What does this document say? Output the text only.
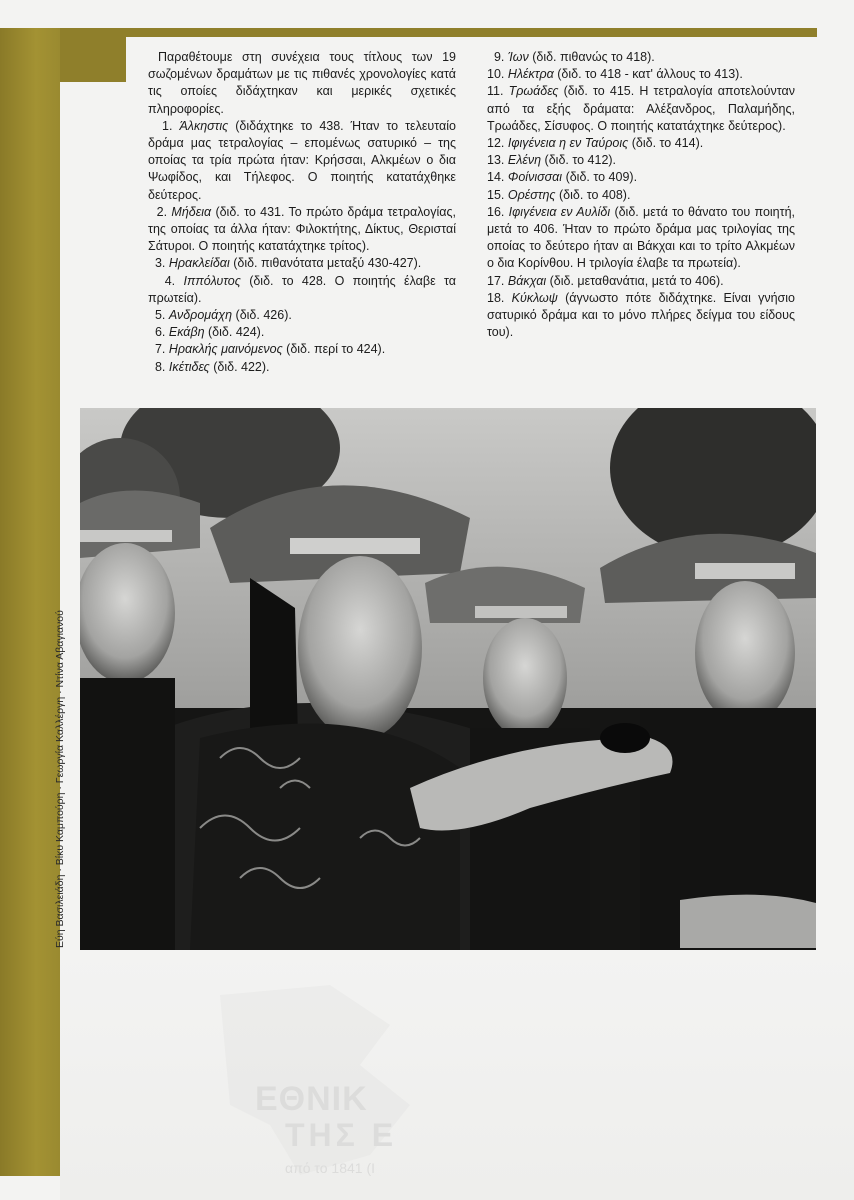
Παραθέτουμε στη συνέχεια τους τίτλους των 19 σωζομένων δραμάτων με τις πιθανές χρονολογίες κατά τις οποίες διδάχτηκαν και μερικές σχετικές πληροφορίες.

1. Άλκηστις (διδάχτηκε το 438. Ήταν το τελευταίο δράμα μας τετραλογίας – επομένως σατυρικό – της οποίας τα τρία πρώτα ήταν: Κρήσσαι, Αλκμέων ο δια Ψωφίδος, και Τήλεφος. Ο ποιητής κατατάχθηκε δεύτερος.

2. Μήδεια (διδ. το 431. Το πρώτο δράμα τετραλογίας, της οποίας τα άλλα ήταν: Φιλοκτήτης, Δίκτυς, Θερισταί Σάτυροι. Ο ποιητής κατατάχτηκε τρίτος).

3. Ηρακλείδαι (διδ. πιθανότατα μεταξύ 430-427).

4. Ιππόλυτος (διδ. το 428. Ο ποιητής έλαβε τα πρωτεία).

5. Ανδρομάχη (διδ. 426).

6. Εκάβη (διδ. 424).

7. Ηρακλής μαινόμενος (διδ. περί το 424).

8. Ικέτιδες (διδ. 422).

9. Ίων (διδ. πιθανώς το 418).

10. Ηλέκτρα (διδ. το 418 - κατ' άλλους το 413).

11. Τρωάδες (διδ. το 415. Η τετραλογία αποτελούνταν από τα εξής δράματα: Αλέξανδρος, Παλαμήδης, Τρωάδες, Σίσυφος. Ο ποιητής κατατάχτηκε δεύτερος).

12. Ιφιγένεια η εν Ταύροις (διδ. το 414).

13. Ελένη (διδ. το 412).

14. Φοίνισσαι (διδ. το 409).

15. Ορέστης (διδ. το 408).

16. Ιφιγένεια εν Αυλίδι (διδ. μετά το θάνατο του ποιητή, μετά το 406. Ήταν το πρώτο δράμα μας τριλογίας της οποίας το δεύτερο ήταν αι Βάκχαι και το τρίτο Αλκμέων ο δια Κορίνθου. Η τριλογία έλαβε τα πρωτεία).

17. Βάκχαι (διδ. μεταθανάτια, μετά το 406).

18. Κύκλωψ (άγνωστο πότε διδάχτηκε. Είναι γνήσιο σατυρικό δράμα και το μόνο πλήρες δείγμα του είδους του).

Εύη Βασιλειάδη · Βίκυ Καμπούρη · Γεωργία Καλλέργη · Ντίνα Αβαγιανού
ΕΘΝΙΚ
ΤΗΣ Ε
από το 1841 (Ι
